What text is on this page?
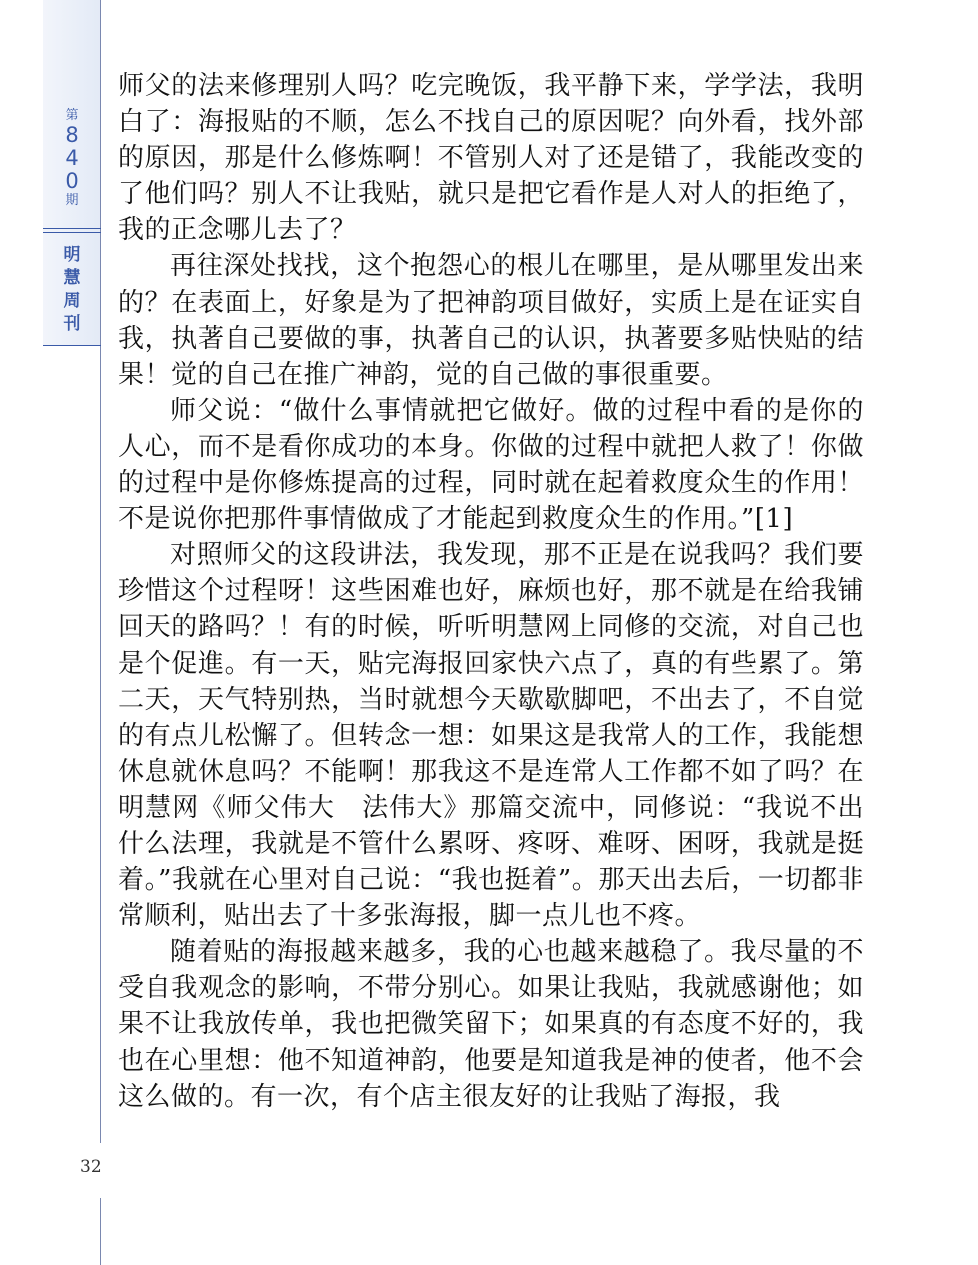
第
8
4
0
期
明
慧
周
刊
32

师父的法来修理别人吗？吃完晚饭，我平静下来，学学法，我明白了：海报贴的不顺，怎么不找自己的原因呢？向外看，找外部的原因，那是什么修炼啊！不管别人对了还是错了，我能改变的了他们吗？别人不让我贴，就只是把它看作是人对人的拒绝了，我的正念哪儿去了？

再往深处找找，这个抱怨心的根儿在哪里，是从哪里发出来的？在表面上，好象是为了把神韵项目做好，实质上是在证实自我，执著自己要做的事，执著自己的认识，执著要多贴快贴的结果！觉的自己在推广神韵，觉的自己做的事很重要。

师父说：“做什么事情就把它做好。做的过程中看的是你的人心，而不是看你成功的本身。你做的过程中就把人救了！你做的过程中是你修炼提高的过程，同时就在起着救度众生的作用！不是说你把那件事情做成了才能起到救度众生的作用。”[1]

对照师父的这段讲法，我发现，那不正是在说我吗？我们要珍惜这个过程呀！这些困难也好，麻烦也好，那不就是在给我铺回天的路吗？！有的时候，听听明慧网上同修的交流，对自己也是个促進。有一天，贴完海报回家快六点了，真的有些累了。第二天，天气特别热，当时就想今天歇歇脚吧，不出去了，不自觉的有点儿松懈了。但转念一想：如果这是我常人的工作，我能想休息就休息吗？不能啊！那我这不是连常人工作都不如了吗？在明慧网《师父伟大　法伟大》那篇交流中，同修说：“我说不出什么法理，我就是不管什么累呀、疼呀、难呀、困呀，我就是挺着。”我就在心里对自己说：“我也挺着”。那天出去后，一切都非常顺利，贴出去了十多张海报，脚一点儿也不疼。

随着贴的海报越来越多，我的心也越来越稳了。我尽量的不受自我观念的影响，不带分别心。如果让我贴，我就感谢他；如果不让我放传单，我也把微笑留下；如果真的有态度不好的，我也在心里想：他不知道神韵，他要是知道我是神的使者，他不会这么做的。有一次，有个店主很友好的让我贴了海报，我
